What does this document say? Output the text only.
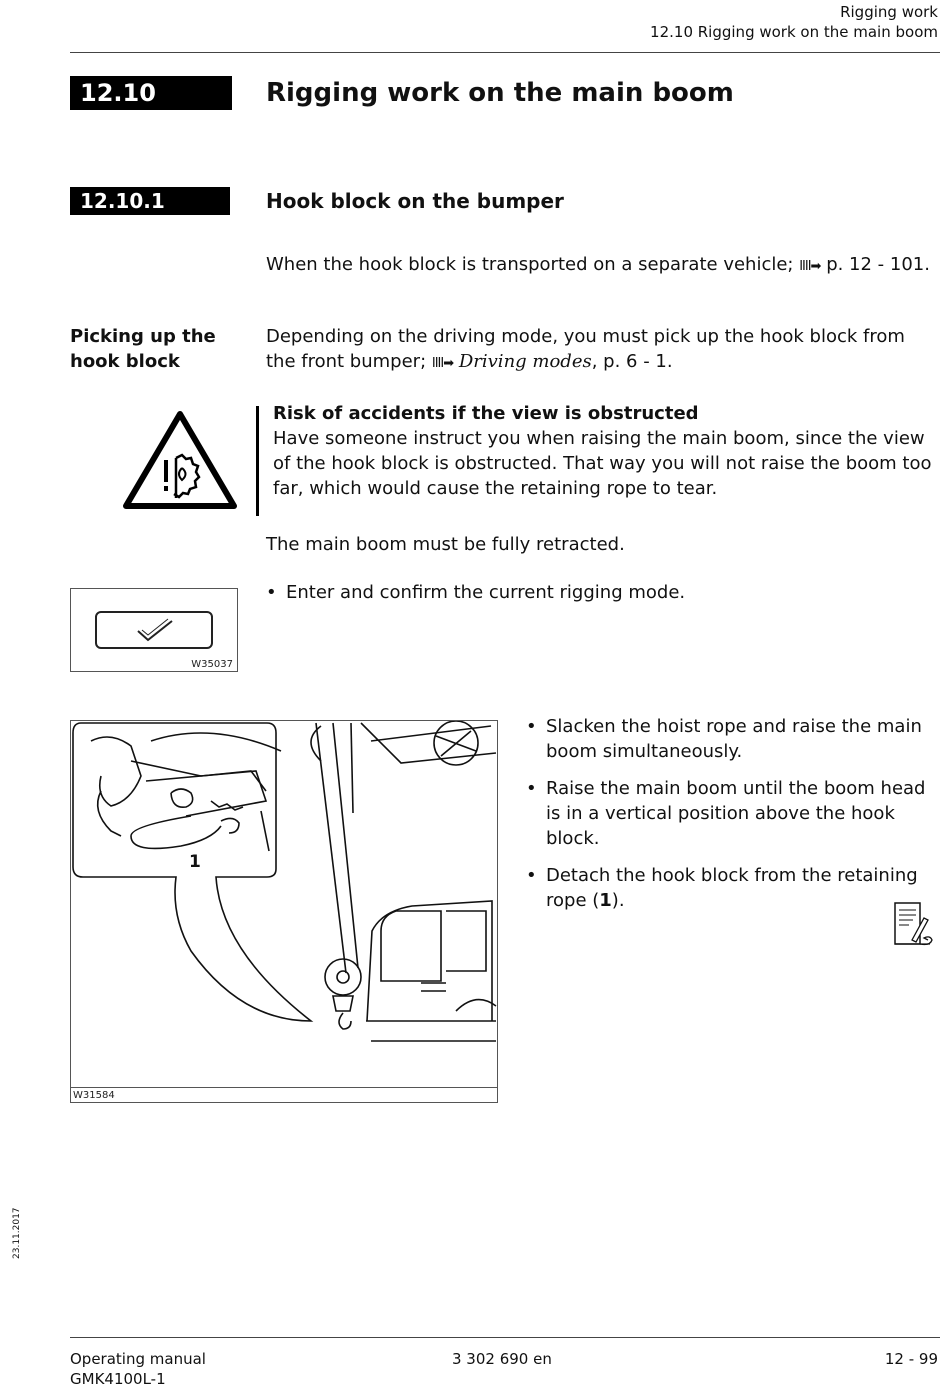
Rigging work
12.10 Rigging work on the main boom
12.10	Rigging work on the main boom
12.10.1	Hook block on the bumper
When the hook block is transported on a separate vehicle; IIII➡ p. 12 - 101.
Picking up the hook block
Depending on the driving mode, you must pick up the hook block from the front bumper; IIII➡ Driving modes, p. 6 - 1.
Risk of accidents if the view is obstructed
Have someone instruct you when raising the main boom, since the view of the hook block is obstructed. That way you will not raise the boom too far, which would cause the retaining rope to tear.
The main boom must be fully retracted.
W35037
• Enter and confirm the current rigging mode.
1
W31584
• Slacken the hoist rope and raise the main boom simultaneously.
• Raise the main boom until the boom head is in a vertical position above the hook block.
• Detach the hook block from the retaining rope (1).
23.11.2017
Operating manual
GMK4100L-1
3 302 690 en	12 - 99
